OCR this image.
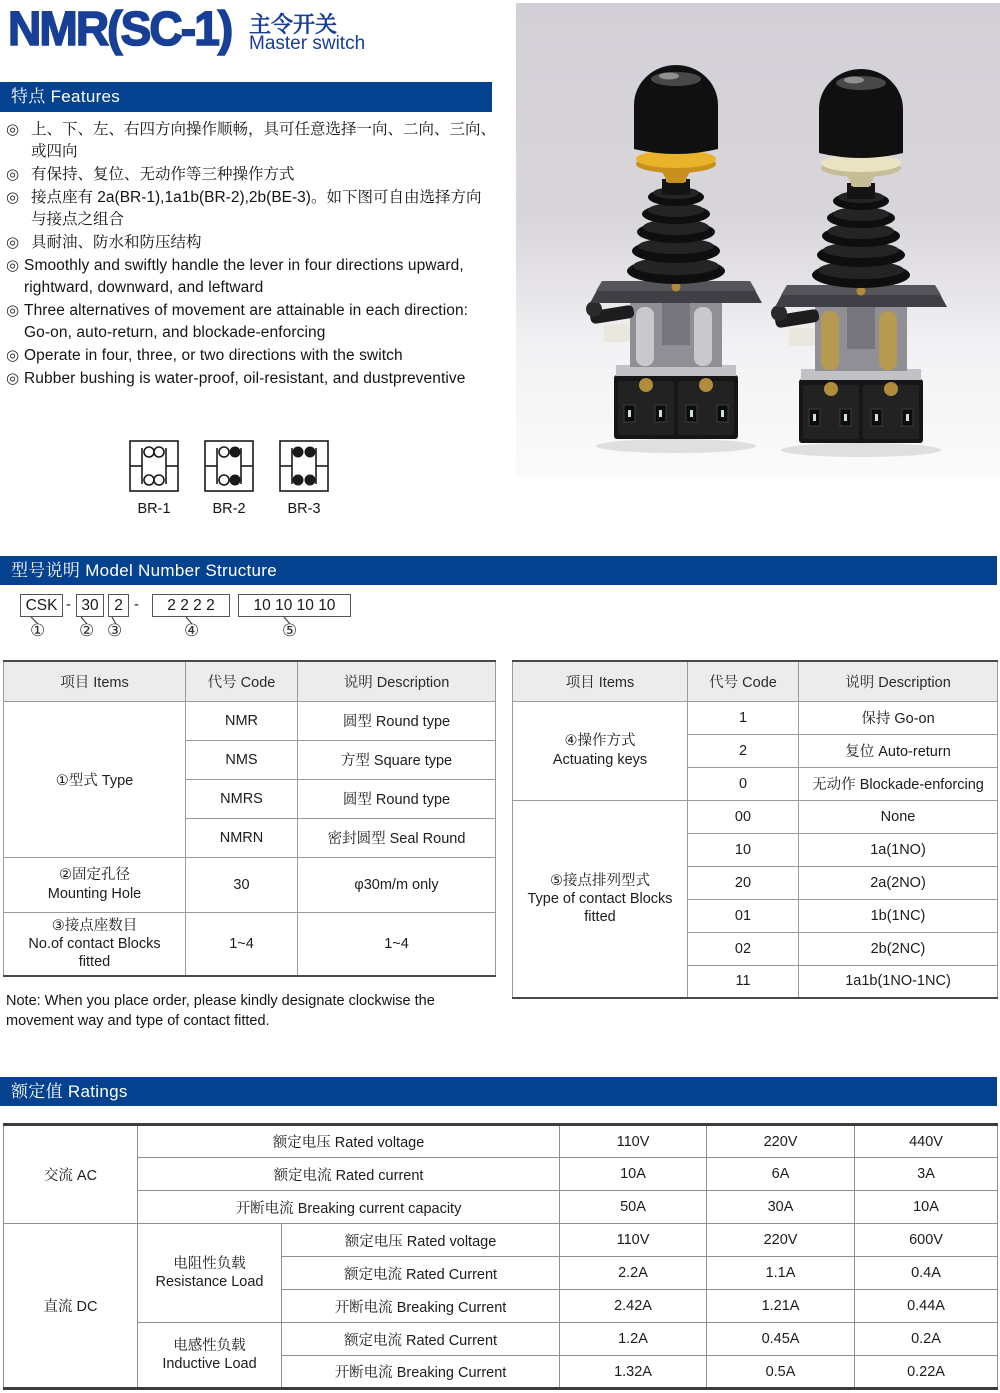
NMR(SC-1) 主令开关
Master switch
特点 Features
◎ 上、下、左、右四方向操作顺畅，具可任意选择一向、二向、三向、或四向
◎ 有保持、复位、无动作等三种操作方式
◎ 接点座有 2a(BR-1),1a1b(BR-2),2b(BE-3)。如下图可自由选择方向与接点之组合
◎ 具耐油、防水和防压结构
◎ Smoothly and swiftly handle the lever in four directions upward, rightward, downward, and leftward
◎ Three alternatives of movement are attainable in each direction: Go-on, auto-return, and blockade-enforcing
◎ Operate in four, three, or two directions with the switch
◎ Rubber bushing is water-proof, oil-resistant, and dustpreventive
BR-1	BR-2	BR-3
型号说明 Model Number Structure
CSK - 30	2 -	2 2 2 2	10 10 10 10
① ② ③	④	⑤
项目 Items	代号 Code	说明 Description
①型式 Type	NMR	圆型 Round type
	NMS	方型 Square type
	NMRS	圆型 Round type
	NMRN	密封圆型 Seal Round

②固定孔径
Mounting Hole	30	φ30m/m only

③接点座数目
No.of contact Blocks
fitted	1~4	1~4
Note: When you place order, please kindly designate clockwise the movement way and type of contact fitted.
项目 Items	代号 Code	说明 Description

④操作方式
Actuating keys	1	保持 Go-on
	2	复位 Auto-return
	0	无动作 Blockade-enforcing

⑤接点排列型式
Type of contact Blocks
fitted	00	None
	10	1a(1NO)
	20	2a(2NO)
	01	1b(1NC)
	02	2b(2NC)
	11	1a1b(1NO-1NC)
额定值 Ratings
交流 AC	额定电压 Rated voltage		110V	220V	440V
	额定电流 Rated current		10A	6A	3A
	开断电流 Breaking current capacity		50A	30A	10A
直流 DC	电阻性负载
Resistance Load	额定电压 Rated voltage	110V	220V	600V
		额定电流 Rated Current	2.2A	1.1A	0.4A
		开断电流 Breaking Current	2.42A	1.21A	0.44A

	电感性负载
Inductive Load	额定电流 Rated Current	1.2A	0.45A	0.2A
		开断电流 Breaking Current	1.32A	0.5A	0.22A
